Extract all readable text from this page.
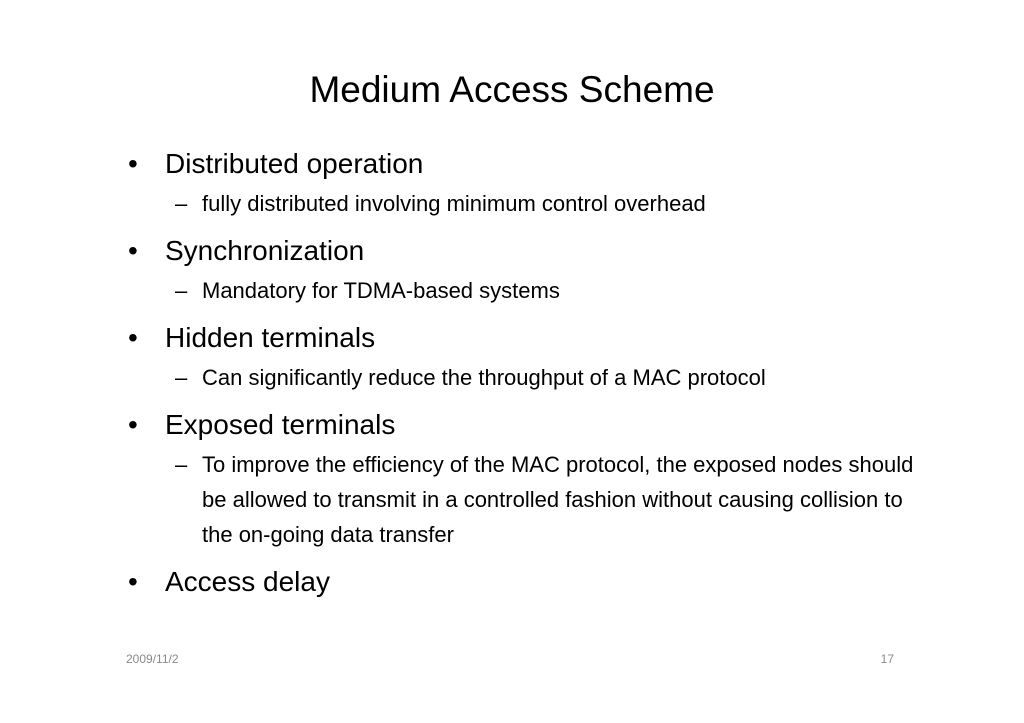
Medium Access Scheme
• Distributed operation
– fully distributed involving minimum control overhead
• Synchronization
– Mandatory for TDMA-based systems
• Hidden terminals
– Can significantly reduce the throughput of a MAC protocol
• Exposed terminals
– To improve the efficiency of the MAC protocol, the exposed nodes should be allowed to transmit in a controlled fashion without causing collision to the on-going data transfer
• Access delay
2009/11/2	17
